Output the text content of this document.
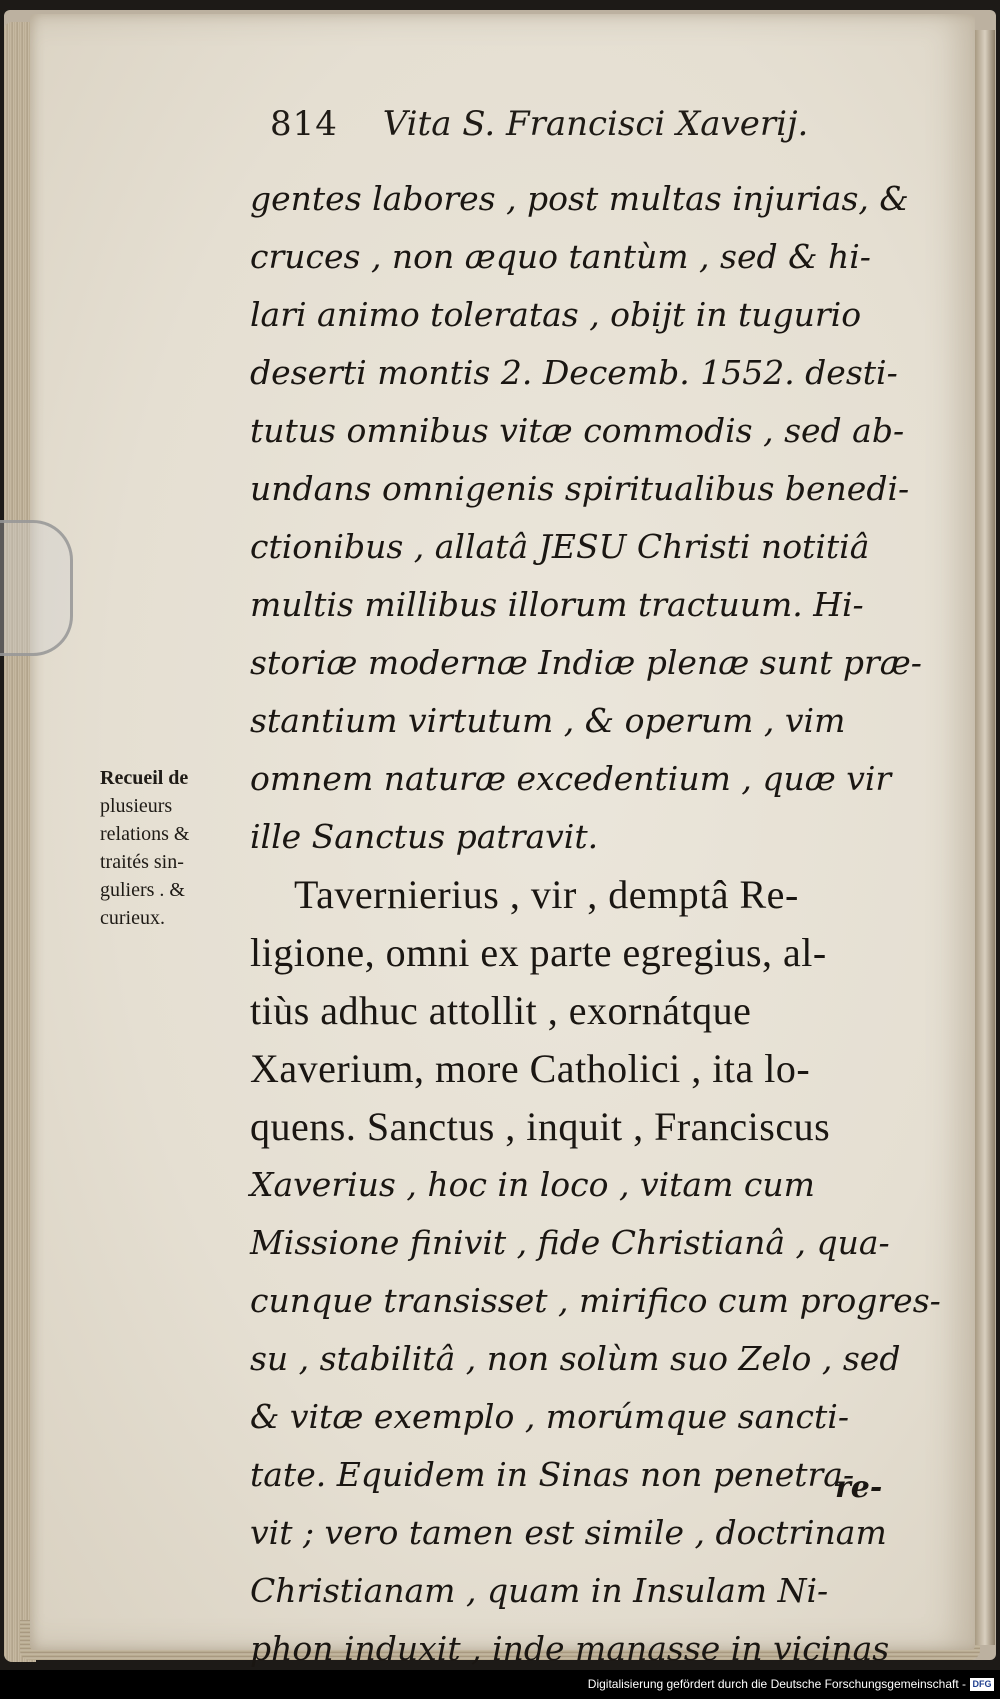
814 Vita S. Francisci Xaverij.
gentes labores , post multas injurias, &
cruces , non æquo tantùm , sed & hi-
lari animo toleratas , obijt in tugurio
deserti montis 2. Decemb. 1552. desti-
tutus omnibus vitæ commodis , sed ab-
undans omnigenis spiritualibus benedi-
ctionibus , allatâ JESU Christi notitiâ
multis millibus illorum tractuum. Hi-
storiæ modernæ Indiæ plenæ sunt præ-
stantium virtutum , & operum , vim
omnem naturæ excedentium , quæ vir
ille Sanctus patravit.
Tavernierius , vir , demptâ Re-
ligione, omni ex parte egregius, al-
tiùs adhuc attollit , exornátque
Xaverium, more Catholici , ita lo-
quens. Sanctus , inquit , Franciscus
Xaverius , hoc in loco , vitam cum
Missione finivit , fide Christianâ , qua-
cunque transisset , mirifico cum progres-
su , stabilitâ , non solùm suo Zelo , sed
& vitæ exemplo , morúmque sancti-
tate. Equidem in Sinas non penetra-
vit ; vero tamen est simile , doctrinam
Christianam , quam in Insulam Ni-
phon induxit , inde manasse in vicinas
Recueil de
plusieurs
relations &
traités sin-
guliers . &
curieux.
re-
Digitalisierung gefördert durch die Deutsche Forschungsgemeinschaft - DFG
